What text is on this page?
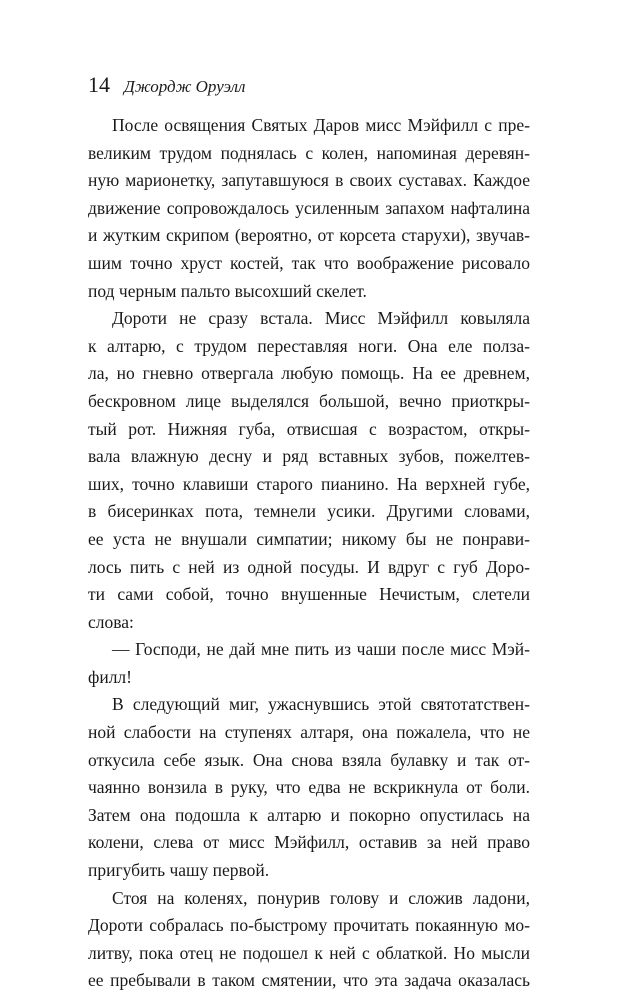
14 Джордж Оруэлл
После освящения Святых Даров мисс Мэйфилл с пре-
великим трудом поднялась с колен, напоминая деревян-
ную марионетку, запутавшуюся в своих суставах. Каждое
движение сопровождалось усиленным запахом нафталина
и жутким скрипом (вероятно, от корсета старухи), звучав-
шим точно хруст костей, так что воображение рисовало
под черным пальто высохший скелет.
Дороти не сразу встала. Мисс Мэйфилл ковыляла
к алтарю, с трудом переставляя ноги. Она еле полза-
ла, но гневно отвергала любую помощь. На ее древнем,
бескровном лице выделялся большой, вечно приоткры-
тый рот. Нижняя губа, отвисшая с возрастом, откры-
вала влажную десну и ряд вставных зубов, пожелтев-
ших, точно клавиши старого пианино. На верхней губе,
в бисеринках пота, темнели усики. Другими словами,
ее уста не внушали симпатии; никому бы не понрави-
лось пить с ней из одной посуды. И вдруг с губ Доро-
ти сами собой, точно внушенные Нечистым, слетели
слова:
— Господи, не дай мне пить из чаши после мисс Мэй-
филл!
В следующий миг, ужаснувшись этой святотатствен-
ной слабости на ступенях алтаря, она пожалела, что не
откусила себе язык. Она снова взяла булавку и так от-
чаянно вонзила в руку, что едва не вскрикнула от боли.
Затем она подошла к алтарю и покорно опустилась на
колени, слева от мисс Мэйфилл, оставив за ней право
пригубить чашу первой.
Стоя на коленях, понурив голову и сложив ладони,
Дороти собралась по-быстрому прочитать покаянную мо-
литву, пока отец не подошел к ней с облаткой. Но мысли
ее пребывали в таком смятении, что эта задача оказалась
